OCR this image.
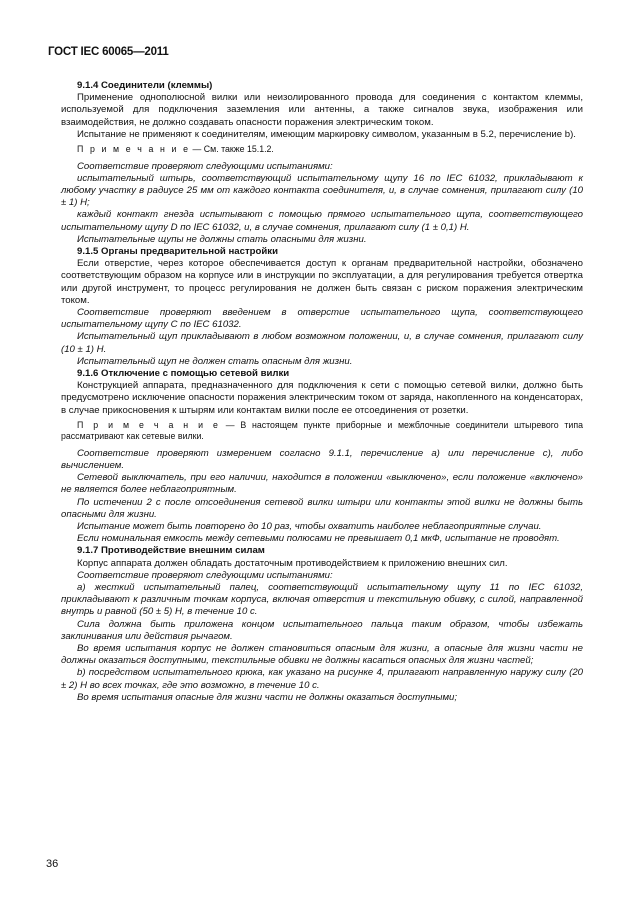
ГОСТ IEC 60065—2011

9.1.4 Соединители (клеммы)

Применение однополюсной вилки или неизолированного провода для соединения с контактом клеммы, используемой для подключения заземления или антенны, а также сигналов звука, изображения или взаимодействия, не должно создавать опасности поражения электрическим током.

Испытание не применяют к соединителям, имеющим маркировку символом, указанным в 5.2, перечисление b).

П р и м е ч а н и е — См. также 15.1.2.

Соответствие проверяют следующими испытаниями:

испытательный штырь, соответствующий испытательному щупу 16 по IEC 61032, прикладывают к любому участку в радиусе 25 мм от каждого контакта соединителя, и, в случае сомнения, прилагают силу (10 ± 1) Н;

каждый контакт гнезда испытывают с помощью прямого испытательного щупа, соответствующего испытательному щупу D по IEC 61032, и, в случае сомнения, прилагают силу (1 ± 0,1) Н.

Испытательные щупы не должны стать опасными для жизни.

9.1.5 Органы предварительной настройки

Если отверстие, через которое обеспечивается доступ к органам предварительной настройки, обозначено соответствующим образом на корпусе или в инструкции по эксплуатации, а для регулирования требуется отвертка или другой инструмент, то процесс регулирования не должен быть связан с риском поражения электрическим током.

Соответствие проверяют введением в отверстие испытательного щупа, соответствующего испытательному щупу C по IEC 61032.

Испытательный щуп прикладывают в любом возможном положении, и, в случае сомнения, прилагают силу (10 ± 1) Н.

Испытательный щуп не должен стать опасным для жизни.

9.1.6 Отключение с помощью сетевой вилки

Конструкцией аппарата, предназначенного для подключения к сети с помощью сетевой вилки, должно быть предусмотрено исключение опасности поражения электрическим током от заряда, накопленного на конденсаторах, в случае прикосновения к штырям или контактам вилки после ее отсоединения от розетки.

П р и м е ч а н и е — В настоящем пункте приборные и межблочные соединители штыревого типа рассматривают как сетевые вилки.

Соответствие проверяют измерением согласно 9.1.1, перечисление a) или перечисление c), либо вычислением.

Сетевой выключатель, при его наличии, находится в положении «выключено», если положение «включено» не является более неблагоприятным.

По истечении 2 с после отсоединения сетевой вилки штыри или контакты этой вилки не должны быть опасными для жизни.

Испытание может быть повторено до 10 раз, чтобы охватить наиболее неблагоприятные случаи.

Если номинальная емкость между сетевыми полюсами не превышает 0,1 мкФ, испытание не проводят.

9.1.7 Противодействие внешним силам

Корпус аппарата должен обладать достаточным противодействием к приложению внешних сил.

Соответствие проверяют следующими испытаниями:

а) жесткий испытательный палец, соответствующий испытательному щупу 11 по IEC 61032, прикладывают к различным точкам корпуса, включая отверстия и текстильную обивку, с силой, направленной внутрь и равной (50 ± 5) Н, в течение 10 с.

Сила должна быть приложена концом испытательного пальца таким образом, чтобы избежать заклинивания или действия рычагом.

Во время испытания корпус не должен становиться опасным для жизни, а опасные для жизни части не должны оказаться доступными, текстильные обивки не должны касаться опасных для жизни частей;

b) посредством испытательного крюка, как указано на рисунке 4, прилагают направленную наружу силу (20 ± 2) Н во всех точках, где это возможно, в течение 10 с.

Во время испытания опасные для жизни части не должны оказаться доступными;

36
